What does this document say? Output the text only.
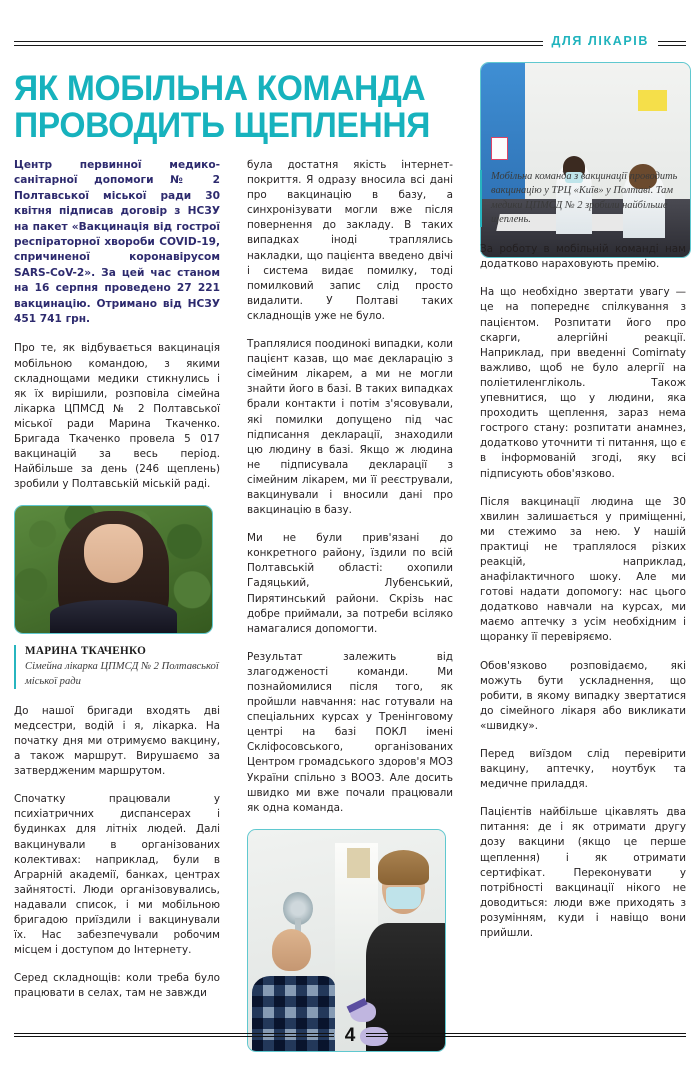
ДЛЯ ЛІКАРІВ
ЯК МОБІЛЬНА КОМАНДА
ПРОВОДИТЬ ЩЕПЛЕННЯ

Центр первинної медико-санітарної допомоги № 2 Полтавської міської ради 30 квітня підписав договір з НСЗУ на пакет «Вакцинація від гострої респіраторної хвороби COVID-19, спричиненої коронавірусом SARS-CoV-2». За цей час станом на 16 серпня проведено 27 221 вакцинацію. Отримано від НСЗУ 451 741 грн.

Про те, як відбувається вакцинація мобільною командою, з якими складнощами медики стикнулись і як їх вирішили, розповіла сімейна лікарка ЦПМСД № 2 Полтавської міської ради Марина Ткаченко. Бригада Ткаченко провела 5 017 вакцинацій за весь період. Найбільше за день (246 щеплень) зробили у Полтавській міській раді.

МАРИНА ТКАЧЕНКО
Сімейна лікарка ЦПМСД № 2 Полтавської міської ради

До нашої бригади входять дві медсестри, водій і я, лікарка. На початку дня ми отримуємо вакцину, а також маршрут. Вирушаємо за затвердженим маршрутом.

Спочатку працювали у психіатричних диспансерах і будинках для літніх людей. Далі вакцинували в організованих колективах: наприклад, були в Аграрній академії, банках, центрах зайнятості. Люди організовувались, надавали список, і ми мобільною бригадою приїздили і вакцинували їх. Нас забезпечували робочим місцем і доступом до Інтернету.

Серед складнощів: коли треба було працювати в селах, там не завжди

була достатня якість інтернет-покриття. Я одразу вносила всі дані про вакцинацію в базу, а синхронізувати могли вже після повернення до закладу. В таких випадках іноді траплялись накладки, що пацієнта введено двічі і система видає помилку, тоді помилковий запис слід просто видалити. У Полтаві таких складнощів уже не було.

Траплялися поодинокі випадки, коли пацієнт казав, що має декларацію з сімейним лікарем, а ми не могли знайти його в базі. В таких випадках брали контакти і потім з'ясовували, які помилки допущено під час підписання декларації, знаходили цю людину в базі. Якщо ж людина не підписувала декларації з сімейним лікарем, ми її реєстрували, вакцинували і вносили дані про вакцинацію в базу.

Ми не були прив'язані до конкретного району, їздили по всій Полтавській області: охопили Гадяцький, Лубенський, Пирятинський райони. Скрізь нас добре приймали, за потреби всіляко намагалися допомогти.

Результат залежить від злагодженості команди. Ми познайомилися після того, як пройшли навчання: нас готували на спеціальних курсах у Тренінговому центрі на базі ПОКЛ імені Скліфосовського, організованих Центром громадського здоров'я МОЗ України спільно з ВООЗ. Але досить швидко ми вже почали працювали як одна команда.

Мобільна команда з вакцинації проводить вакцинацію у ТРЦ «Київ» у Полтаві. Там медики ЦПМСД № 2 зробили найбільше щеплень.

За роботу в мобільній команді нам додатково нараховують премію.

На що необхідно звертати увагу — це на попереднє спілкування з пацієнтом. Розпитати його про скарги, алергійні реакції. Наприклад, при введенні Comirnaty важливо, щоб не було алергії на поліетиленгліколь. Також упевнитися, що у людини, яка проходить щеплення, зараз нема гострого стану: розпитати анамнез, додатково уточнити ті питання, що є в інформованій згоді, яку всі підписують обов'язково.

Після вакцинації людина ще 30 хвилин залишається у приміщенні, ми стежимо за нею. У нашій практиці не траплялося різких реакцій, наприклад, анафілактичного шоку. Але ми готові надати допомогу: нас цього додатково навчали на курсах, ми маємо аптечку з усім необхідним і щоранку її перевіряємо.

Обов'язково розповідаємо, які можуть бути ускладнення, що робити, в якому випадку звертатися до сімейного лікаря або викликати «швидку».

Перед виїздом слід перевірити вакцину, аптечку, ноутбук та медичне приладдя.

Пацієнтів найбільше цікавлять два питання: де і як отримати другу дозу вакцини (якщо це перше щеплення) і як отримати сертифікат. Переконувати у потрібності вакцинації нікого не доводиться: люди вже приходять з розумінням, куди і навіщо вони прийшли.

4
